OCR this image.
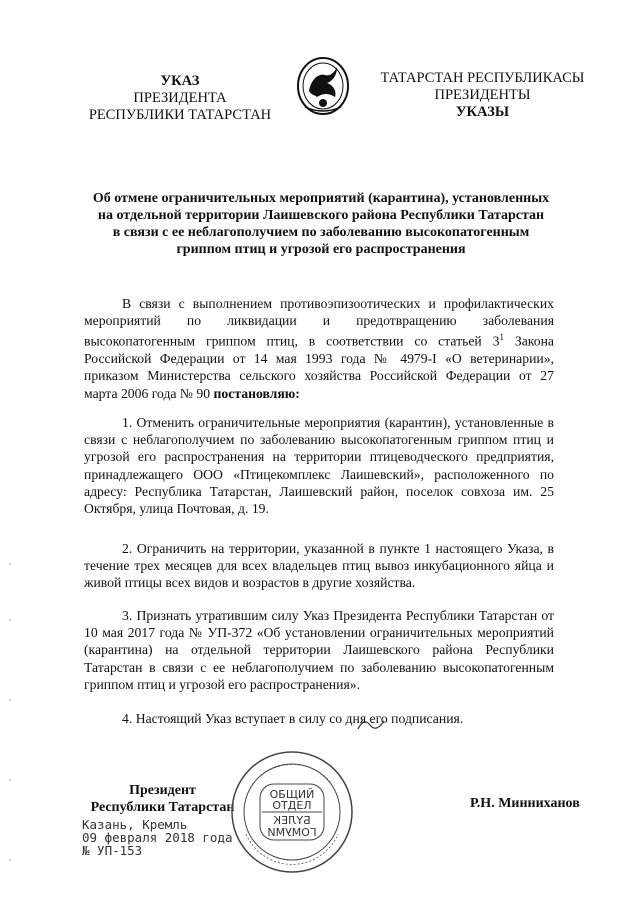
УКАЗ
ПРЕЗИДЕНТА
РЕСПУБЛИКИ ТАТАРСТАН
ТАТАРСТАН РЕСПУБЛИКАСЫ
ПРЕЗИДЕНТЫ
УКАЗЫ
Об отмене ограничительных мероприятий (карантина), установленных
на отдельной территории Лаишевского района Республики Татарстан
в связи с ее неблагополучием по заболеванию высокопатогенным
гриппом птиц и угрозой его распространения
В связи с выполнением противоэпизоотических и профилактических мероприятий по ликвидации и предотвращению заболевания высокопатогенным гриппом птиц, в соответствии со статьей $3^1$ Закона Российской Федерации от 14 мая 1993 года № 4979-I «О ветеринарии», приказом Министерства сельского хозяйства Российской Федерации от 27 марта 2006 года № 90 постановляю:
1. Отменить ограничительные мероприятия (карантин), установленные в связи с неблагополучием по заболеванию высокопатогенным гриппом птиц и угрозой его распространения на территории птицеводческого предприятия, принадлежащего ООО «Птицекомплекс Лаишевский», расположенного по адресу: Республика Татарстан, Лаишевский район, поселок совхоза им. 25 Октября, улица Почтовая, д. 19.
2. Ограничить на территории, указанной в пункте 1 настоящего Указа, в течение трех месяцев для всех владельцев птиц вывоз инкубационного яйца и живой птицы всех видов и возрастов в другие хозяйства.
3. Признать утратившим силу Указ Президента Республики Татарстан от 10 мая 2017 года № УП-372 «Об установлении ограничительных мероприятий (карантина) на отдельной территории Лаишевского района Республики Татарстан в связи с ее неблагополучием по заболеванию высокопатогенным гриппом птиц и угрозой его распространения».
4. Настоящий Указ вступает в силу со дня его подписания.
Президент
Республики Татарстан	Р.Н. Минниханов
ОБЩИЙ
ОТДЕЛ
БҮЛЕК
ГОМУМИ
Казань, Кремль
09 февраля 2018 года
№ УП-153
